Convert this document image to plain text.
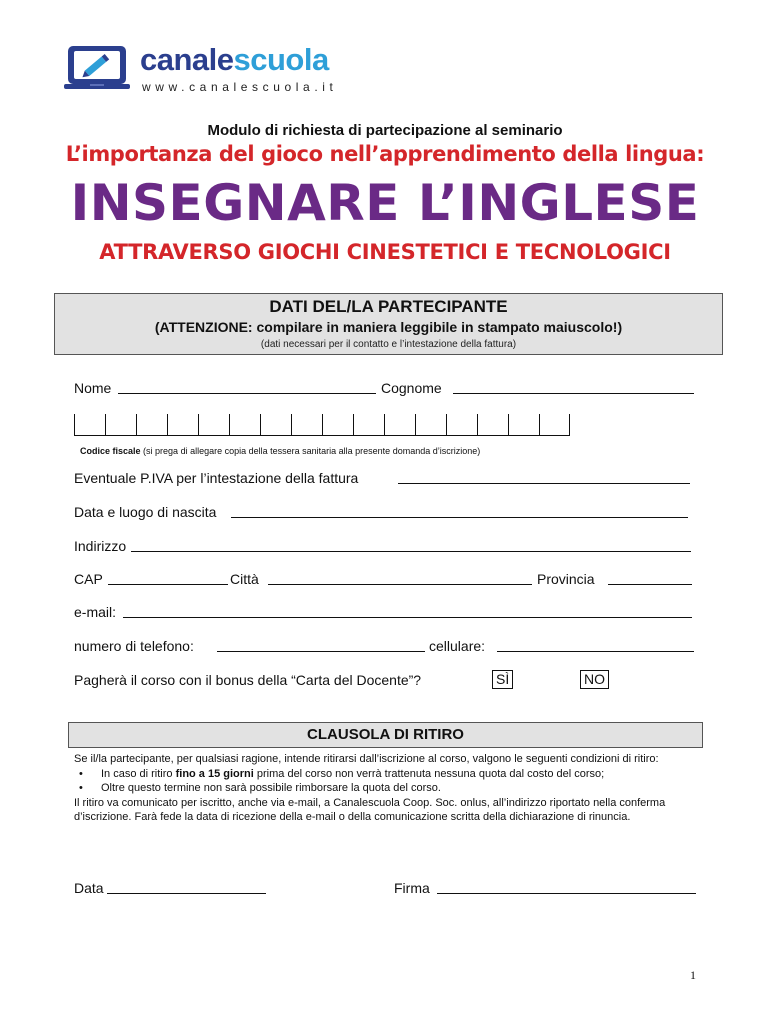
canalescuola
www.canalescuola.it
Modulo di richiesta di partecipazione al seminario
L’importanza del gioco nell’apprendimento della lingua:
INSEGNARE L’INGLESE
ATTRAVERSO GIOCHI CINESTETICI E TECNOLOGICI
DATI DEL/LA PARTECIPANTE
(ATTENZIONE: compilare in maniera leggibile in stampato maiuscolo!)
(dati necessari per il contatto e l’intestazione della fattura)
Nome	Cognome
Codice fiscale (si prega di allegare copia della tessera sanitaria alla presente domanda d’iscrizione)
Eventuale P.IVA per l’intestazione della fattura
Data e luogo di nascita
Indirizzo
CAP	Città	Provincia
e-mail:
numero di telefono:	cellulare:
Pagherà il corso con il bonus della “Carta del Docente”?	SÌ	NO
CLAUSOLA DI RITIRO
Se il/la partecipante, per qualsiasi ragione, intende ritirarsi dall’iscrizione al corso, valgono le seguenti condizioni di ritiro:
• In caso di ritiro fino a 15 giorni prima del corso non verrà trattenuta nessuna quota dal costo del corso;
• Oltre questo termine non sarà possibile rimborsare la quota del corso.
Il ritiro va comunicato per iscritto, anche via e-mail, a Canalescuola Coop. Soc. onlus, all’indirizzo riportato nella conferma d’iscrizione. Farà fede la data di ricezione della e-mail o della comunicazione scritta della dichiarazione di rinuncia.
Data	Firma
1
